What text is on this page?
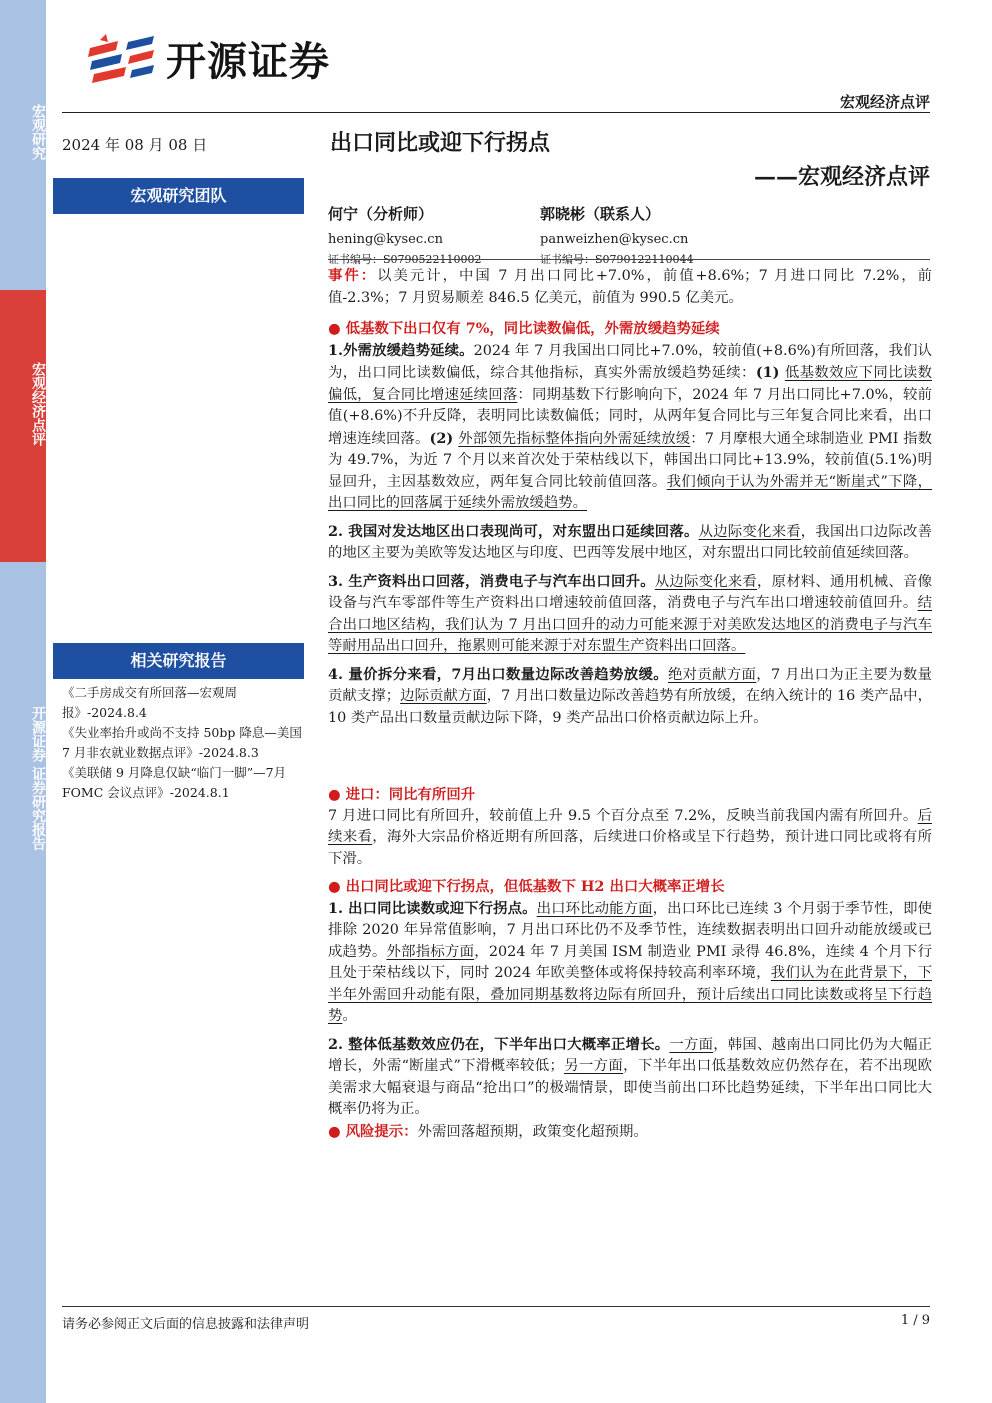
宏观研究
宏观经济点评
开源证券 证券研究报告
开源证券
宏观经济点评
2024 年 08 月 08 日	出口同比或迎下行拐点
——宏观经济点评
宏观研究团队
何宁（分析师）
hening@kysec.cn
证书编号：S0790522110002
郭晓彬（联系人）
panweizhen@kysec.cn
证书编号：S0790122110044
相关研究报告
《二手房成交有所回落—宏观周报》-2024.8.4
《失业率抬升或尚不支持 50bp 降息—美国 7 月非农就业数据点评》-2024.8.3
《美联储 9 月降息仅缺“临门一脚”—7月 FOMC 会议点评》-2024.8.1

事件：以美元计，中国 7 月出口同比+7.0%，前值+8.6%；7 月进口同比 7.2%，前值-2.3%；7 月贸易顺差 846.5 亿美元，前值为 990.5 亿美元。

● 低基数下出口仅有 7%，同比读数偏低，外需放缓趋势延续

1.外需放缓趋势延续。2024 年 7 月我国出口同比+7.0%，较前值(+8.6%)有所回落，我们认为，出口同比读数偏低，综合其他指标，真实外需放缓趋势延续：(1) 低基数效应下同比读数偏低，复合同比增速延续回落：同期基数下行影响向下，2024 年 7 月出口同比+7.0%，较前值(+8.6%)不升反降，表明同比读数偏低；同时，从两年复合同比与三年复合同比来看，出口增速连续回落。(2) 外部领先指标整体指向外需延续放缓：7 月摩根大通全球制造业 PMI 指数为 49.7%，为近 7 个月以来首次处于荣枯线以下，韩国出口同比+13.9%，较前值(5.1%)明显回升，主因基数效应，两年复合同比较前值回落。我们倾向于认为外需并无“断崖式”下降，出口同比的回落属于延续外需放缓趋势。

2. 我国对发达地区出口表现尚可，对东盟出口延续回落。从边际变化来看，我国出口边际改善的地区主要为美欧等发达地区与印度、巴西等发展中地区，对东盟出口同比较前值延续回落。

3. 生产资料出口回落，消费电子与汽车出口回升。从边际变化来看，原材料、通用机械、音像设备与汽车零部件等生产资料出口增速较前值回落，消费电子与汽车出口增速较前值回升。结合出口地区结构，我们认为 7 月出口回升的动力可能来源于对美欧发达地区的消费电子与汽车等耐用品出口回升，拖累则可能来源于对东盟生产资料出口回落。

4. 量价拆分来看，7月出口数量边际改善趋势放缓。绝对贡献方面，7 月出口为正主要为数量贡献支撑；边际贡献方面，7 月出口数量边际改善趋势有所放缓，在纳入统计的 16 类产品中，10 类产品出口数量贡献边际下降，9 类产品出口价格贡献边际上升。

● 进口：同比有所回升

7 月进口同比有所回升，较前值上升 9.5 个百分点至 7.2%，反映当前我国内需有所回升。后续来看，海外大宗品价格近期有所回落，后续进口价格或呈下行趋势，预计进口同比或将有所下滑。

● 出口同比或迎下行拐点，但低基数下 H2 出口大概率正增长

1. 出口同比读数或迎下行拐点。出口环比动能方面，出口环比已连续 3 个月弱于季节性，即使排除 2020 年异常值影响，7 月出口环比仍不及季节性，连续数据表明出口回升动能放缓或已成趋势。外部指标方面，2024 年 7 月美国 ISM 制造业 PMI 录得 46.8%，连续 4 个月下行且处于荣枯线以下，同时 2024 年欧美整体或将保持较高利率环境，我们认为在此背景下，下半年外需回升动能有限，叠加同期基数将边际有所回升，预计后续出口同比读数或将呈下行趋势。

2. 整体低基数效应仍在，下半年出口大概率正增长。一方面，韩国、越南出口同比仍为大幅正增长，外需“断崖式”下滑概率较低；另一方面，下半年出口低基数效应仍然存在，若不出现欧美需求大幅衰退与商品“抢出口”的极端情景，即使当前出口环比趋势延续，下半年出口同比大概率仍将为正。

● 风险提示：外需回落超预期，政策变化超预期。

请务必参阅正文后面的信息披露和法律声明	1 / 9
